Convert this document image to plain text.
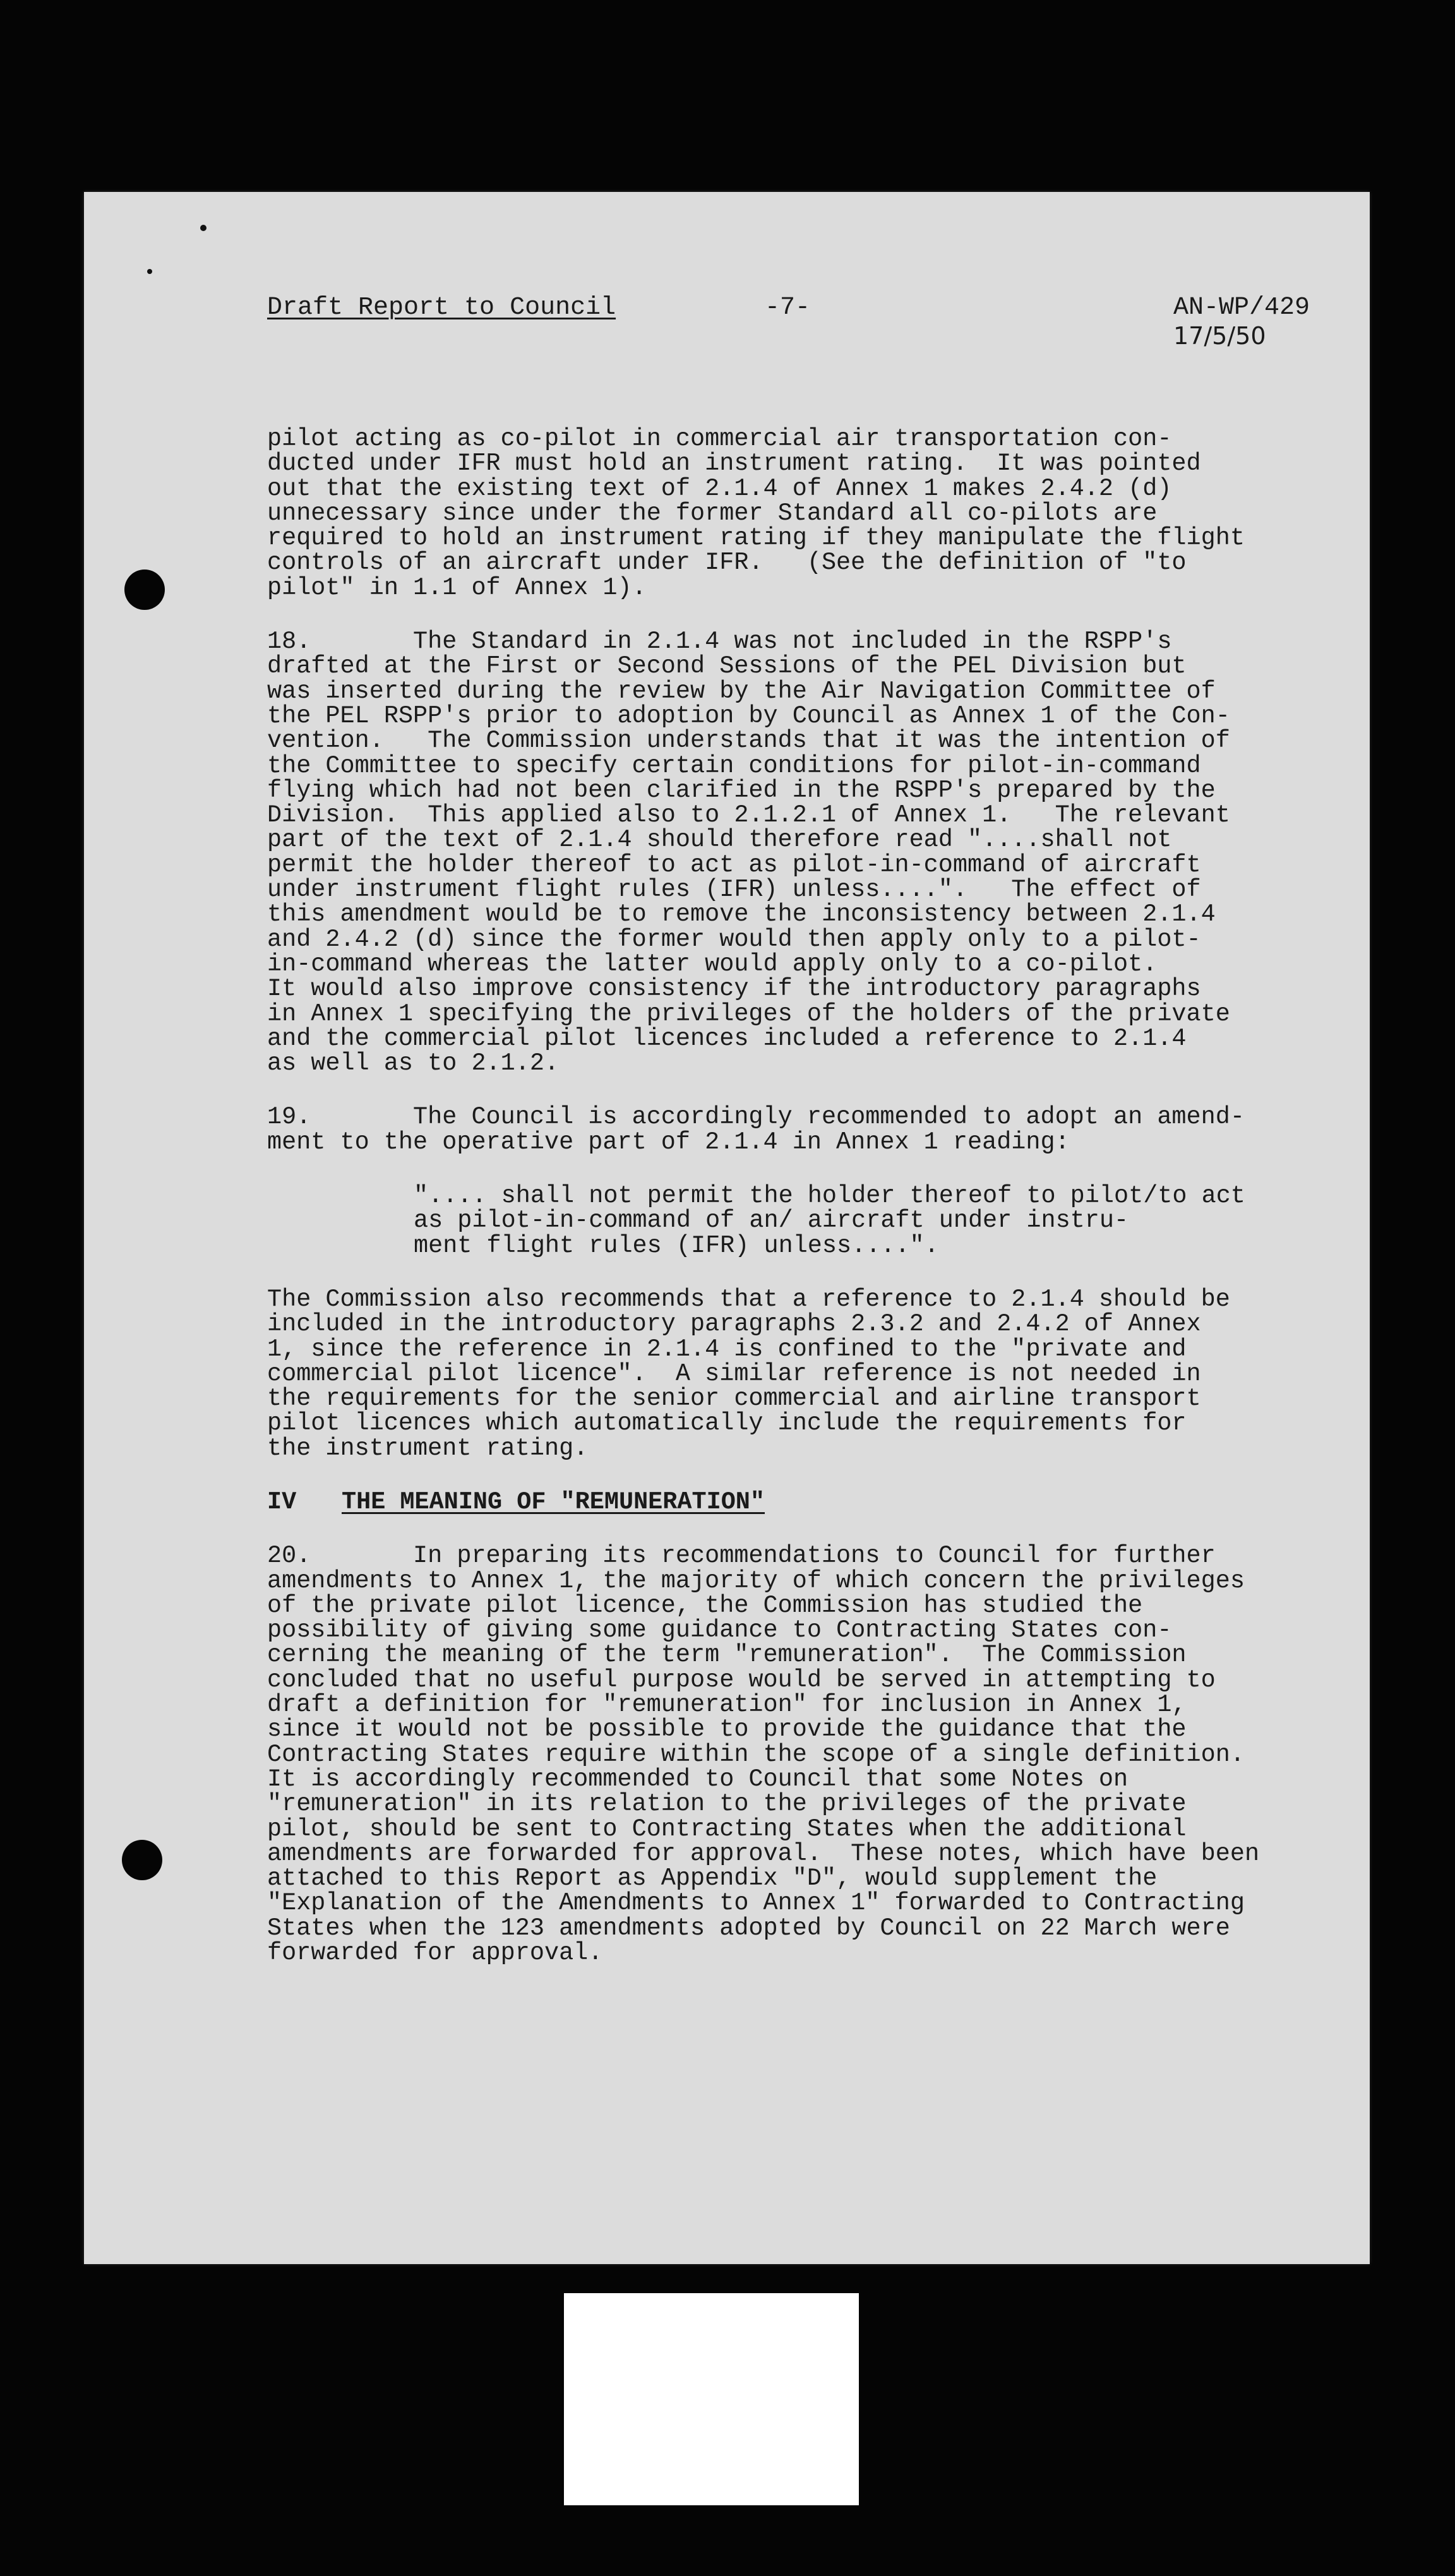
Draft Report to Council	-7-	AN-WP/429
17/5/50

pilot acting as co-pilot in commercial air transportation con-

ducted under IFR must hold an instrument rating.  It was pointed

out that the existing text of 2.1.4 of Annex 1 makes 2.4.2 (d)

unnecessary since under the former Standard all co-pilots are

required to hold an instrument rating if they manipulate the flight

controls of an aircraft under IFR.   (See the definition of "to

pilot" in 1.1 of Annex 1).

18.       The Standard in 2.1.4 was not included in the RSPP's

drafted at the First or Second Sessions of the PEL Division but

was inserted during the review by the Air Navigation Committee of

the PEL RSPP's prior to adoption by Council as Annex 1 of the Con-

vention.   The Commission understands that it was the intention of

the Committee to specify certain conditions for pilot-in-command

flying which had not been clarified in the RSPP's prepared by the

Division.  This applied also to 2.1.2.1 of Annex 1.   The relevant

part of the text of 2.1.4 should therefore read "....shall not

permit the holder thereof to act as pilot-in-command of aircraft

under instrument flight rules (IFR) unless....".   The effect of

this amendment would be to remove the inconsistency between 2.1.4

and 2.4.2 (d) since the former would then apply only to a pilot-

in-command whereas the latter would apply only to a co-pilot.

It would also improve consistency if the introductory paragraphs

in Annex 1 specifying the privileges of the holders of the private

and the commercial pilot licences included a reference to 2.1.4

as well as to 2.1.2.

19.       The Council is accordingly recommended to adopt an amend-

ment to the operative part of 2.1.4 in Annex 1 reading:

".... shall not permit the holder thereof to pilot/to act

as pilot-in-command of an/ aircraft under instru-

ment flight rules (IFR) unless....".

The Commission also recommends that a reference to 2.1.4 should be

included in the introductory paragraphs 2.3.2 and 2.4.2 of Annex

1, since the reference in 2.1.4 is confined to the "private and

commercial pilot licence".  A similar reference is not needed in

the requirements for the senior commercial and airline transport

pilot licences which automatically include the requirements for

the instrument rating.

IV THE MEANING OF "REMUNERATION"

20.       In preparing its recommendations to Council for further

amendments to Annex 1, the majority of which concern the privileges

of the private pilot licence, the Commission has studied the

possibility of giving some guidance to Contracting States con-

cerning the meaning of the term "remuneration".  The Commission

concluded that no useful purpose would be served in attempting to

draft a definition for "remuneration" for inclusion in Annex 1,

since it would not be possible to provide the guidance that the

Contracting States require within the scope of a single definition.

It is accordingly recommended to Council that some Notes on

"remuneration" in its relation to the privileges of the private

pilot, should be sent to Contracting States when the additional

amendments are forwarded for approval.  These notes, which have been

attached to this Report as Appendix "D", would supplement the

"Explanation of the Amendments to Annex 1" forwarded to Contracting

States when the 123 amendments adopted by Council on 22 March were

forwarded for approval.
